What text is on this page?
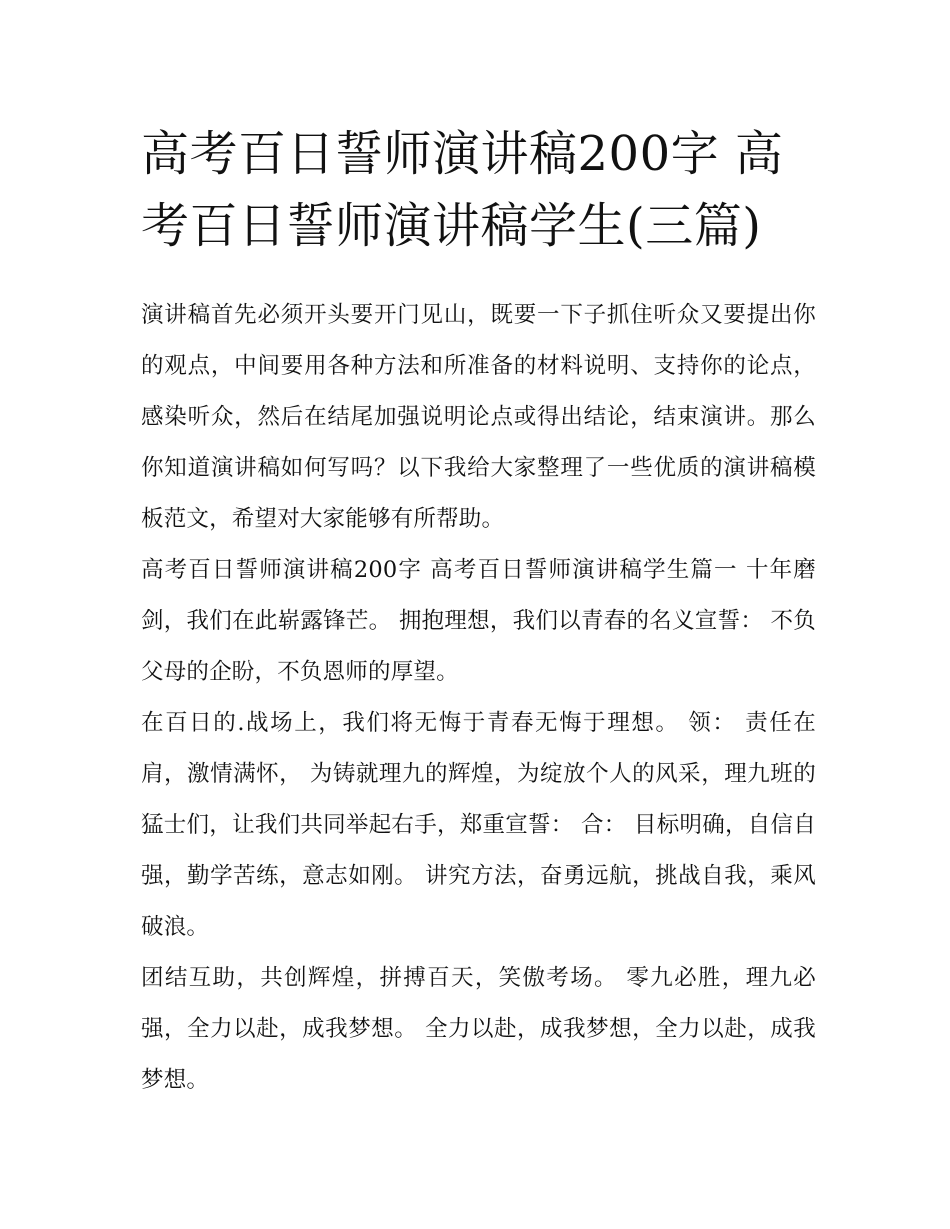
高考百日誓师演讲稿200字 高考百日誓师演讲稿学生(三篇)

演讲稿首先必须开头要开门见山，既要一下子抓住听众又要提出你的观点，中间要用各种方法和所准备的材料说明、支持你的论点，感染听众，然后在结尾加强说明论点或得出结论，结束演讲。那么你知道演讲稿如何写吗？以下我给大家整理了一些优质的演讲稿模板范文，希望对大家能够有所帮助。

高考百日誓师演讲稿200字 高考百日誓师演讲稿学生篇一 十年磨剑，我们在此崭露锋芒。 拥抱理想，我们以青春的名义宣誓： 不负父母的企盼，不负恩师的厚望。

在百日的.战场上，我们将无悔于青春无悔于理想。 领： 责任在肩，激情满怀， 为铸就理九的辉煌，为绽放个人的风采，理九班的猛士们，让我们共同举起右手，郑重宣誓： 合： 目标明确，自信自强，勤学苦练，意志如刚。 讲究方法，奋勇远航，挑战自我，乘风破浪。

团结互助，共创辉煌，拼搏百天，笑傲考场。 零九必胜，理九必强，全力以赴，成我梦想。 全力以赴，成我梦想，全力以赴，成我梦想。
